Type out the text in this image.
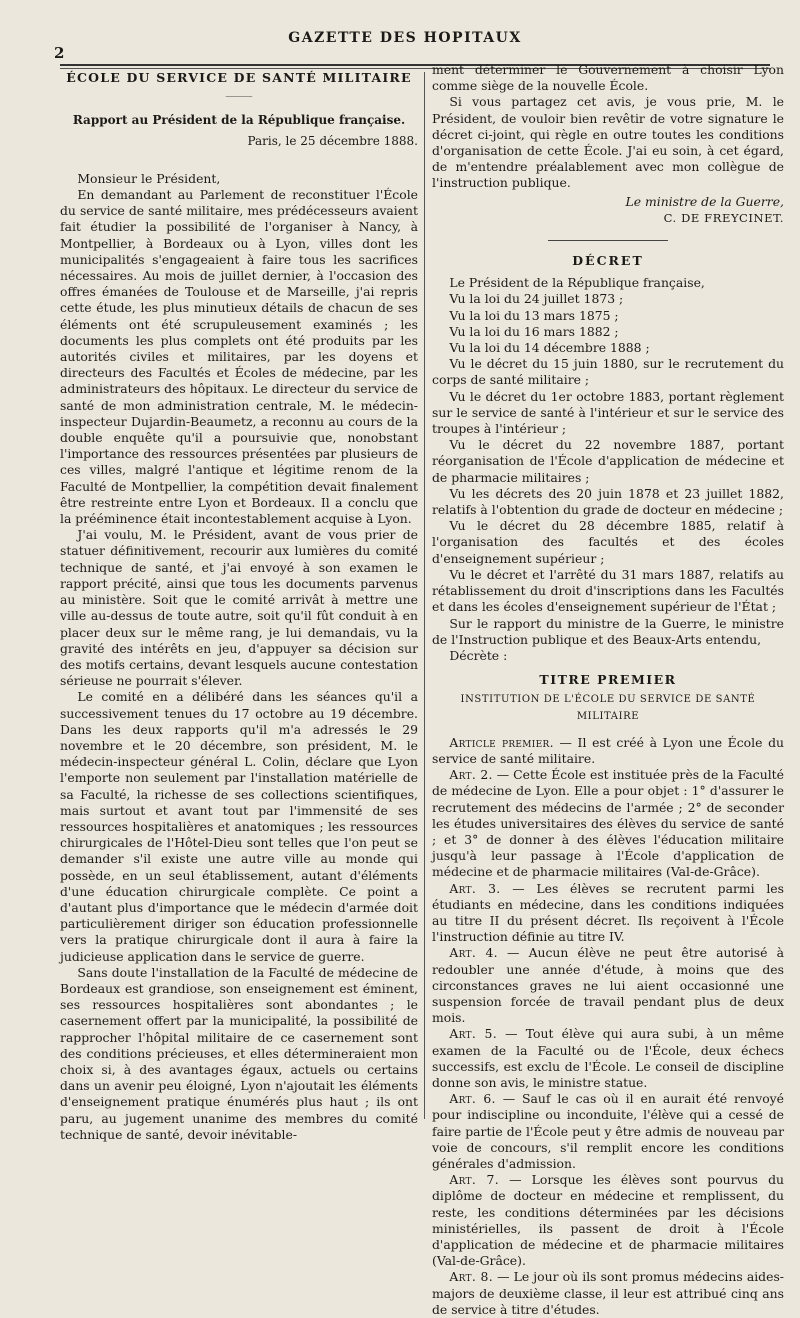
2
GAZETTE DES HOPITAUX
ÉCOLE DU SERVICE DE SANTÉ MILITAIRE
⸻
Rapport au Président de la République française.
Paris, le 25 décembre 1888.

Monsieur le Président,

En demandant au Parlement de reconstituer l'École du service de santé militaire, mes prédécesseurs avaient fait étudier la possibilité de l'organiser à Nancy, à Montpellier, à Bordeaux ou à Lyon, villes dont les municipalités s'engageaient à faire tous les sacrifices nécessaires. Au mois de juillet dernier, à l'occasion des offres émanées de Toulouse et de Marseille, j'ai repris cette étude, les plus minutieux détails de chacun de ses éléments ont été scrupuleusement examinés ; les documents les plus complets ont été produits par les autorités civiles et militaires, par les doyens et directeurs des Facultés et Écoles de médecine, par les administrateurs des hôpitaux. Le directeur du service de santé de mon administration centrale, M. le médecin-inspecteur Dujardin-Beaumetz, a reconnu au cours de la double enquête qu'il a poursuivie que, nonobstant l'importance des ressources présentées par plusieurs de ces villes, malgré l'antique et légitime renom de la Faculté de Montpellier, la compétition devait finalement être restreinte entre Lyon et Bordeaux. Il a conclu que la prééminence était incontestablement acquise à Lyon.

J'ai voulu, M. le Président, avant de vous prier de statuer définitivement, recourir aux lumières du comité technique de santé, et j'ai envoyé à son examen le rapport précité, ainsi que tous les documents parvenus au ministère. Soit que le comité arrivât à mettre une ville au-dessus de toute autre, soit qu'il fût conduit à en placer deux sur le même rang, je lui demandais, vu la gravité des intérêts en jeu, d'appuyer sa décision sur des motifs certains, devant lesquels aucune contestation sérieuse ne pourrait s'élever.

Le comité en a délibéré dans les séances qu'il a successivement tenues du 17 octobre au 19 décembre. Dans les deux rapports qu'il m'a adressés le 29 novembre et le 20 décembre, son président, M. le médecin-inspecteur général L. Colin, déclare que Lyon l'emporte non seulement par l'installation matérielle de sa Faculté, la richesse de ses collections scientifiques, mais surtout et avant tout par l'immensité de ses ressources hospitalières et anatomiques ; les ressources chirurgicales de l'Hôtel-Dieu sont telles que l'on peut se demander s'il existe une autre ville au monde qui possède, en un seul établissement, autant d'éléments d'une éducation chirurgicale complète. Ce point a d'autant plus d'importance que le médecin d'armée doit particulièrement diriger son éducation professionnelle vers la pratique chirurgicale dont il aura à faire la judicieuse application dans le service de guerre.

Sans doute l'installation de la Faculté de médecine de Bordeaux est grandiose, son enseignement est éminent, ses ressources hospitalières sont abondantes ; le casernement offert par la municipalité, la possibilité de rapprocher l'hôpital militaire de ce casernement sont des conditions précieuses, et elles détermineraient mon choix si, à des avantages égaux, actuels ou certains dans un avenir peu éloigné, Lyon n'ajoutait les éléments d'enseignement pratique énumérés plus haut ; ils ont paru, au jugement unanime des membres du comité technique de santé, devoir inévitable-

ment déterminer le Gouvernement à choisir Lyon comme siège de la nouvelle École.

Si vous partagez cet avis, je vous prie, M. le Président, de vouloir bien revêtir de votre signature le décret ci-joint, qui règle en outre toutes les conditions d'organisation de cette École. J'ai eu soin, à cet égard, de m'entendre préalablement avec mon collègue de l'instruction publique.

Le ministre de la Guerre,
C. DE FREYCINET.
DÉCRET

Le Président de la République française,

Vu la loi du 24 juillet 1873 ;

Vu la loi du 13 mars 1875 ;

Vu la loi du 16 mars 1882 ;

Vu la loi du 14 décembre 1888 ;

Vu le décret du 15 juin 1880, sur le recrutement du corps de santé militaire ;

Vu le décret du 1er octobre 1883, portant règlement sur le service de santé à l'intérieur et sur le service des troupes à l'intérieur ;

Vu le décret du 22 novembre 1887, portant réorganisation de l'École d'application de médecine et de pharmacie militaires ;

Vu les décrets des 20 juin 1878 et 23 juillet 1882, relatifs à l'obtention du grade de docteur en médecine ;

Vu le décret du 28 décembre 1885, relatif à l'organisation des facultés et des écoles d'enseignement supérieur ;

Vu le décret et l'arrêté du 31 mars 1887, relatifs au rétablissement du droit d'inscriptions dans les Facultés et dans les écoles d'enseignement supérieur de l'État ;

Sur le rapport du ministre de la Guerre, le ministre de l'Instruction publique et des Beaux-Arts entendu,

Décrète :

TITRE PREMIER
INSTITUTION DE L'ÉCOLE DU SERVICE DE SANTÉ MILITAIRE

Article premier. — Il est créé à Lyon une École du service de santé militaire.

Art. 2. — Cette École est instituée près de la Faculté de médecine de Lyon. Elle a pour objet : 1° d'assurer le recrutement des médecins de l'armée ; 2° de seconder les études universitaires des élèves du service de santé ; et 3° de donner à des élèves l'éducation militaire jusqu'à leur passage à l'École d'application de médecine et de pharmacie militaires (Val-de-Grâce).

Art. 3. — Les élèves se recrutent parmi les étudiants en médecine, dans les conditions indiquées au titre II du présent décret. Ils reçoivent à l'École l'instruction définie au titre IV.

Art. 4. — Aucun élève ne peut être autorisé à redoubler une année d'étude, à moins que des circonstances graves ne lui aient occasionné une suspension forcée de travail pendant plus de deux mois.

Art. 5. — Tout élève qui aura subi, à un même examen de la Faculté ou de l'École, deux échecs successifs, est exclu de l'École. Le conseil de discipline donne son avis, le ministre statue.

Art. 6. — Sauf le cas où il en aurait été renvoyé pour indiscipline ou inconduite, l'élève qui a cessé de faire partie de l'École peut y être admis de nouveau par voie de concours, s'il remplit encore les conditions générales d'admission.

Art. 7. — Lorsque les élèves sont pourvus du diplôme de docteur en médecine et remplissent, du reste, les conditions déterminées par les décisions ministérielles, ils passent de droit à l'École d'application de médecine et de pharmacie militaires (Val-de-Grâce).

Art. 8. — Le jour où ils sont promus médecins aides-majors de deuxième classe, il leur est attribué cinq ans de service à titre d'études.
